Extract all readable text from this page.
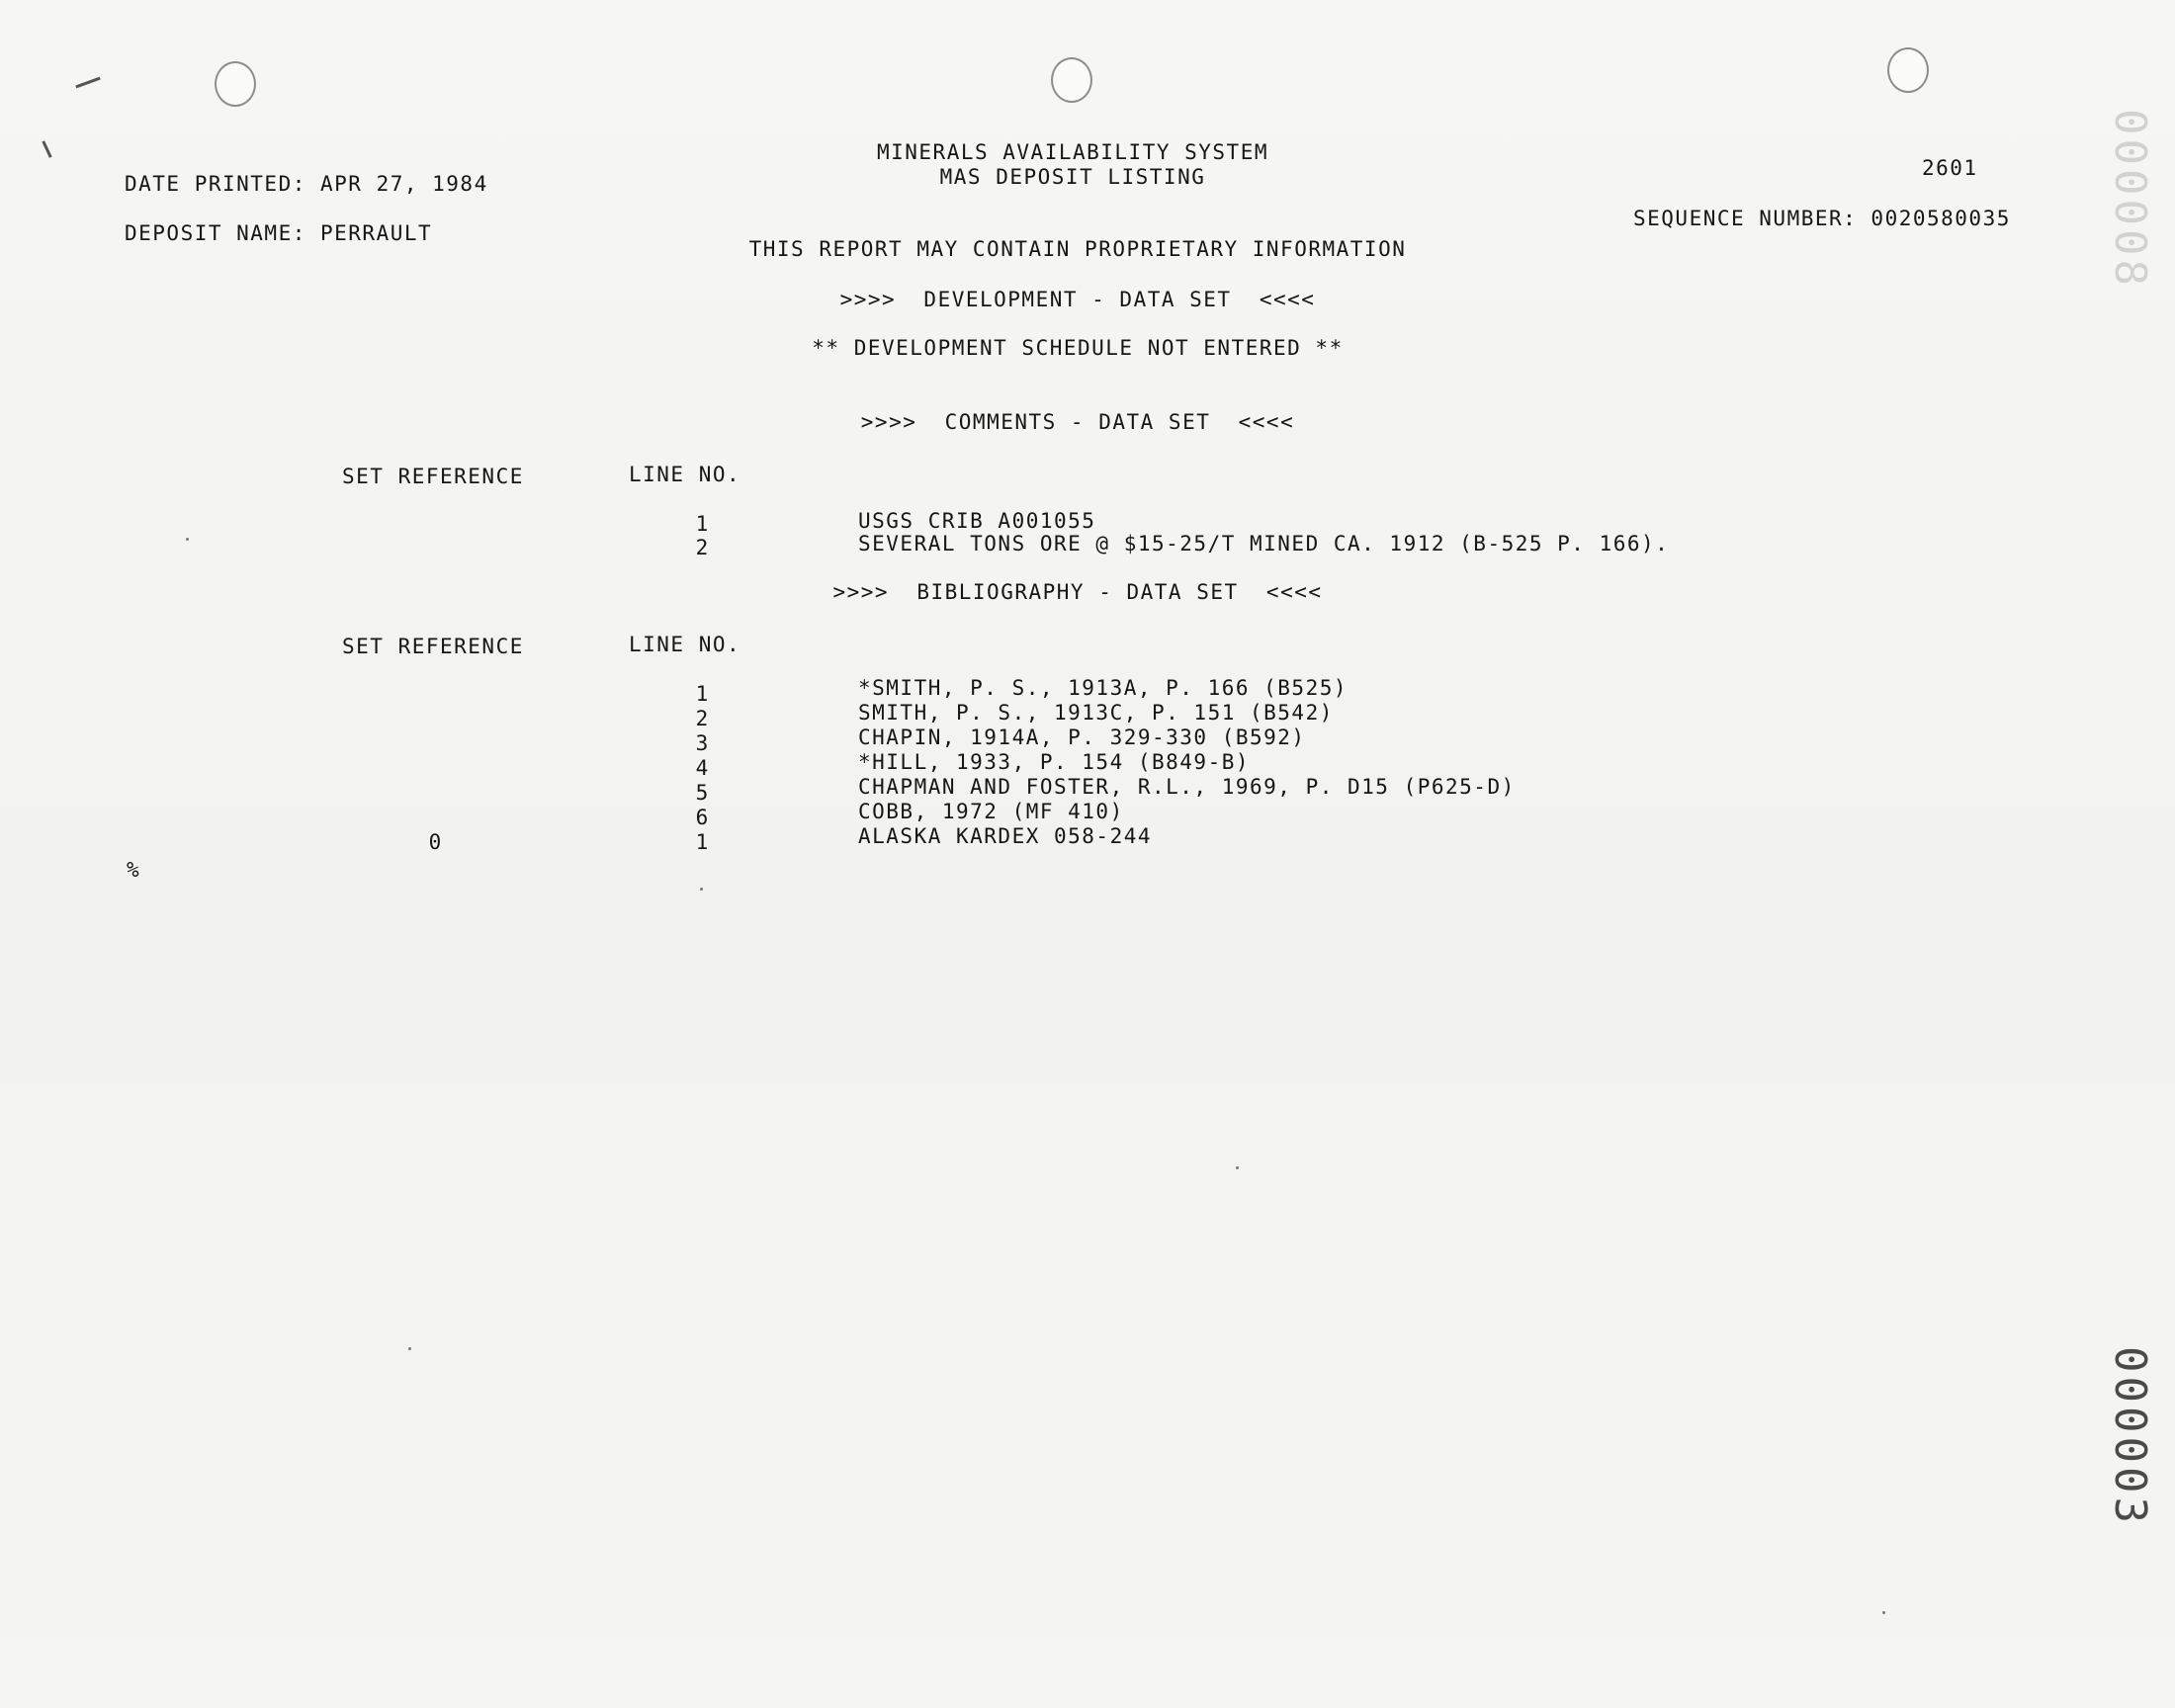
MINERALS AVAILABILITY SYSTEM
MAS DEPOSIT LISTING
DATE PRINTED: APR 27, 1984
2601
DEPOSIT NAME: PERRAULT
SEQUENCE NUMBER: 0020580035
THIS REPORT MAY CONTAIN PROPRIETARY INFORMATION
>>>>  DEVELOPMENT - DATA SET  <<<<
** DEVELOPMENT SCHEDULE NOT ENTERED **
>>>>  COMMENTS - DATA SET  <<<<
SET REFERENCE	LINE NO.
1	USGS CRIB A001055
2	SEVERAL TONS ORE @ $15-25/T MINED CA. 1912 (B-525 P. 166).
>>>>  BIBLIOGRAPHY - DATA SET  <<<<
SET REFERENCE	LINE NO.
1	*SMITH, P. S., 1913A, P. 166 (B525)
2	SMITH, P. S., 1913C, P. 151 (B542)
3	CHAPIN, 1914A, P. 329-330 (B592)
4	*HILL, 1933, P. 154 (B849-B)
5	CHAPMAN AND FOSTER, R.L., 1969, P. D15 (P625-D)
6	COBB, 1972 (MF 410)
0	1	ALASKA KARDEX 058-244
%
000008
000003
